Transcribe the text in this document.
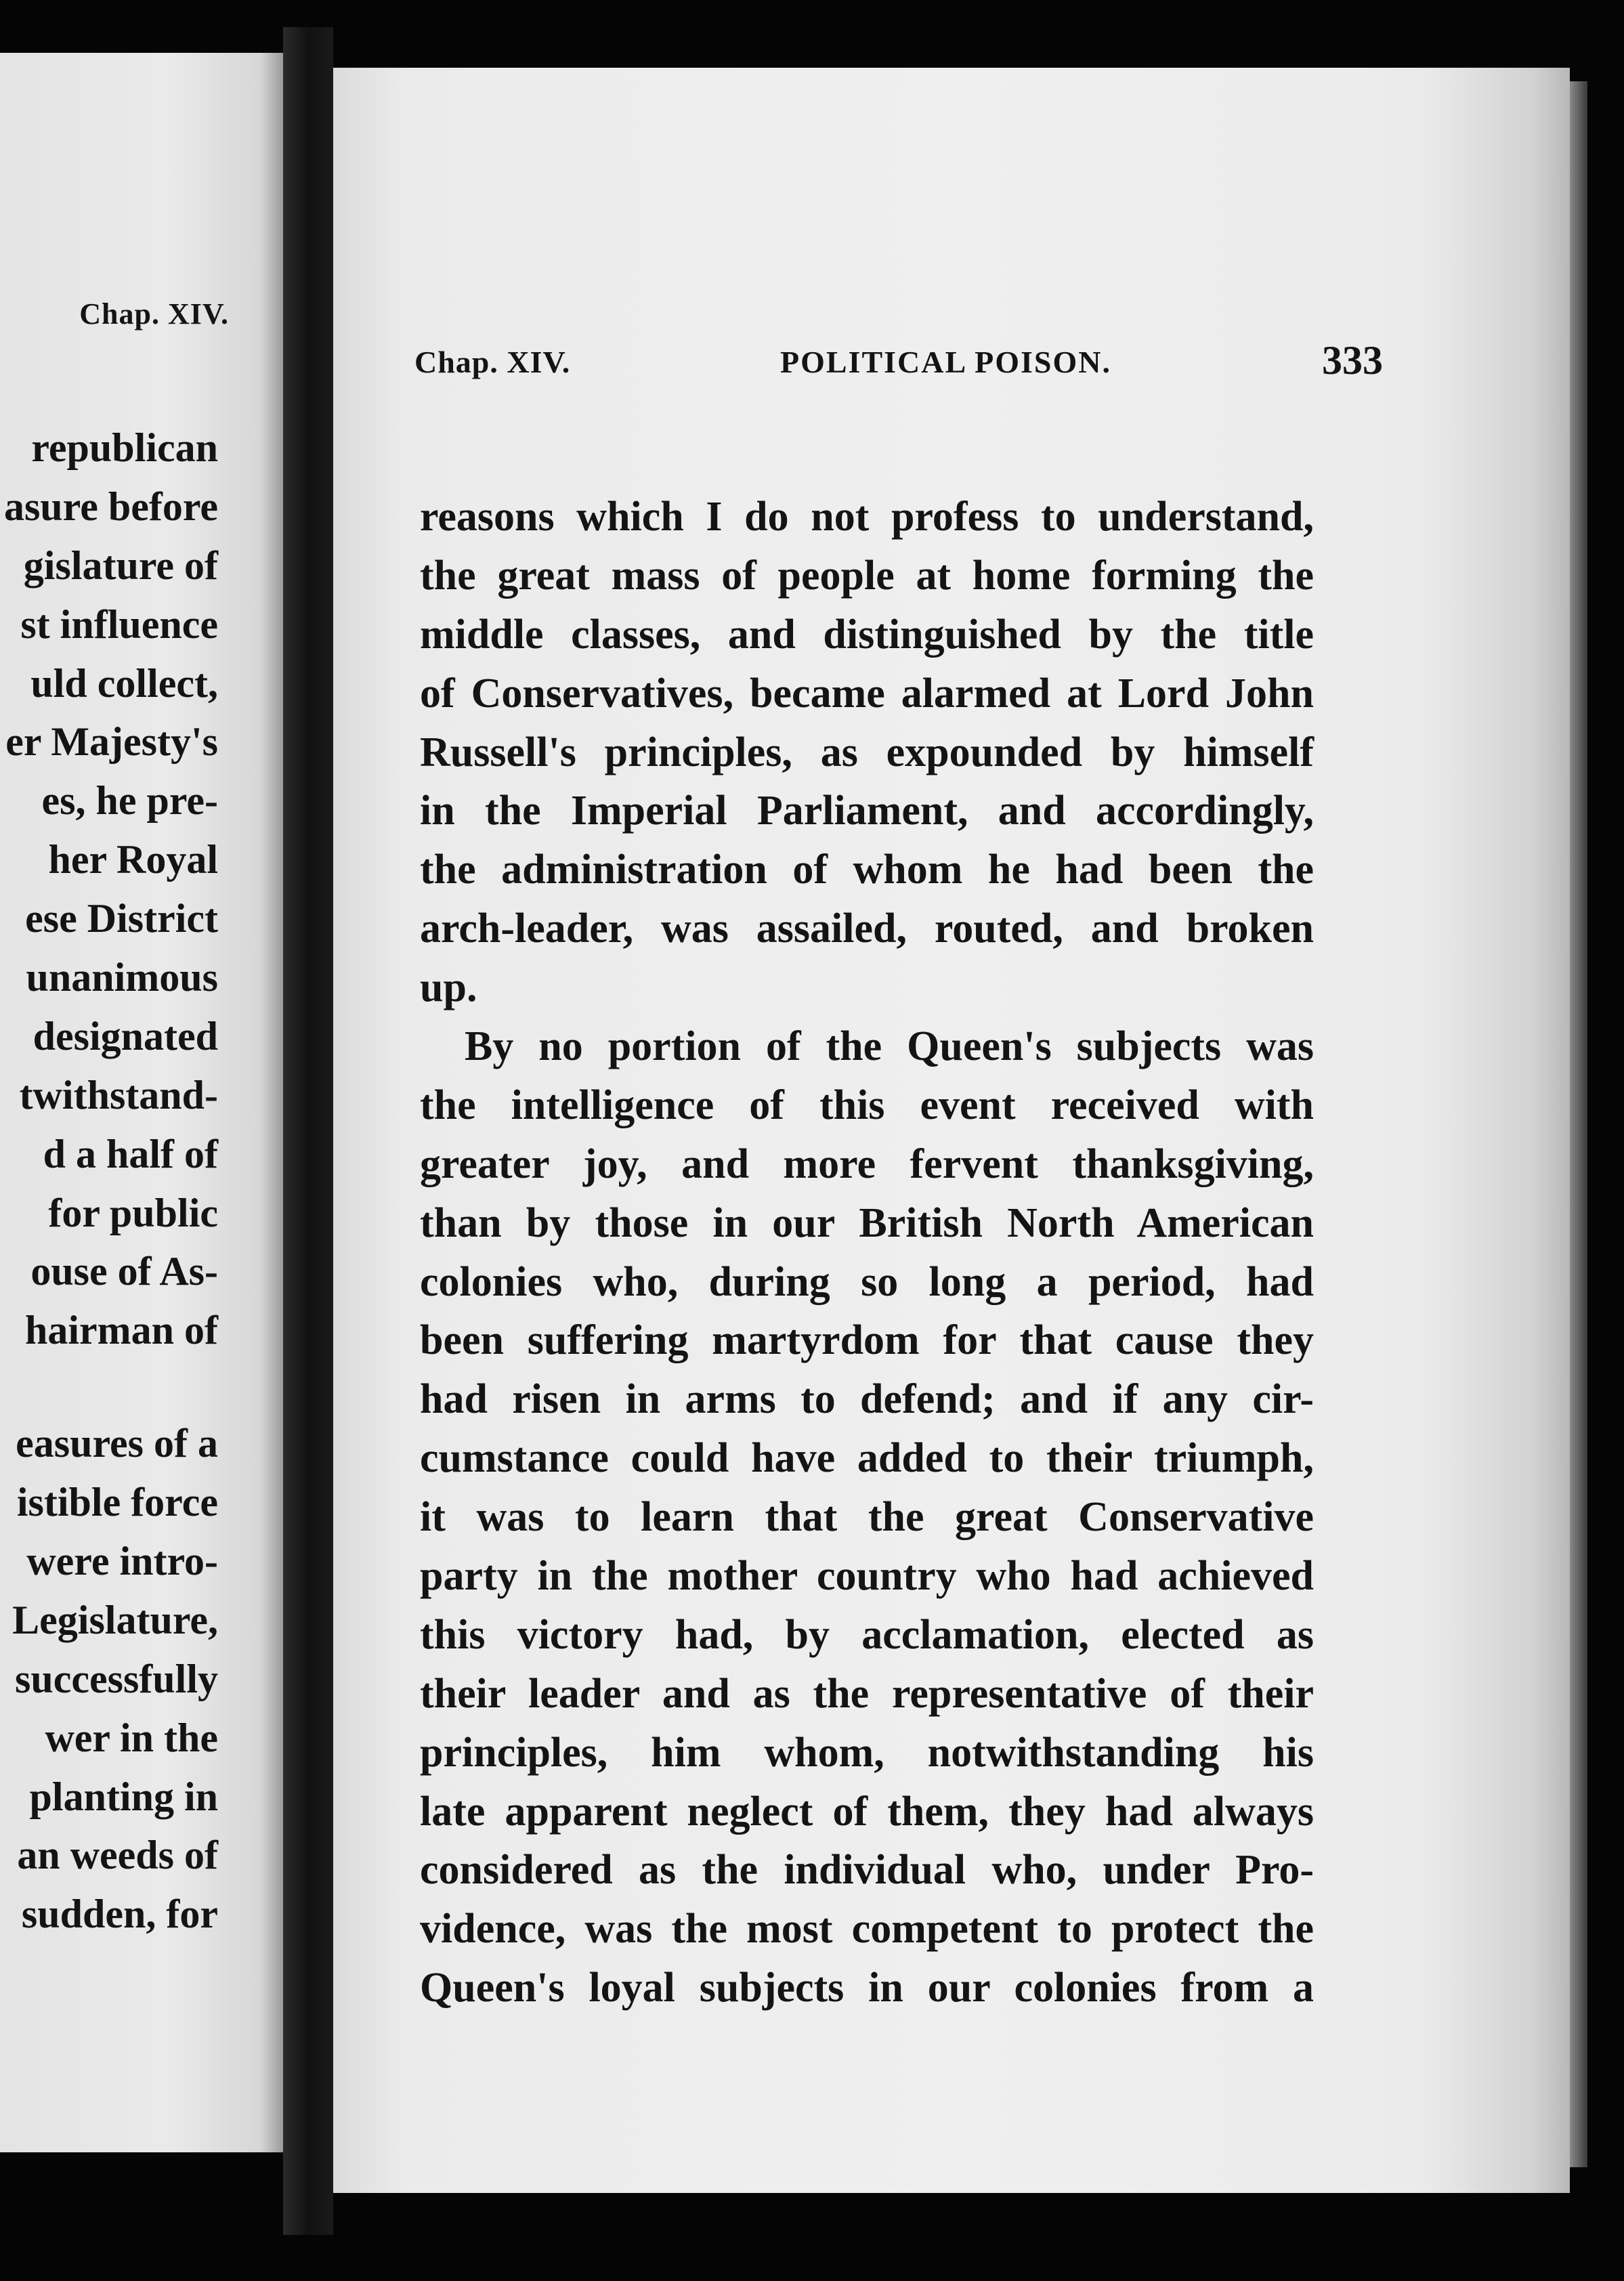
Chap. XIV.
republican
asure before
gislature of
st influence
uld collect,
er Majesty's
es, he pre-
her Royal
ese District
unanimous
designated
twithstand-
d a half of
for public
ouse of As-
hairman of
easures of a
istible force
were intro-
Legislature,
successfully
wer in the
planting in
an weeds of
sudden, for
Chap. XIV.	POLITICAL POISON.	333
reasons which I do not profess to understand,
the great mass of people at home forming the
middle classes, and distinguished by the title
of Conservatives, became alarmed at Lord John
Russell's principles, as expounded by himself
in the Imperial Parliament, and accordingly,
the administration of whom he had been the
arch-leader, was assailed, routed, and broken
up.
By no portion of the Queen's subjects was
the intelligence of this event received with
greater joy, and more fervent thanksgiving,
than by those in our British North American
colonies who, during so long a period, had
been suffering martyrdom for that cause they
had risen in arms to defend; and if any cir-
cumstance could have added to their triumph,
it was to learn that the great Conservative
party in the mother country who had achieved
this victory had, by acclamation, elected as
their leader and as the representative of their
principles, him whom, notwithstanding his
late apparent neglect of them, they had always
considered as the individual who, under Pro-
vidence, was the most competent to protect the
Queen's loyal subjects in our colonies from a
